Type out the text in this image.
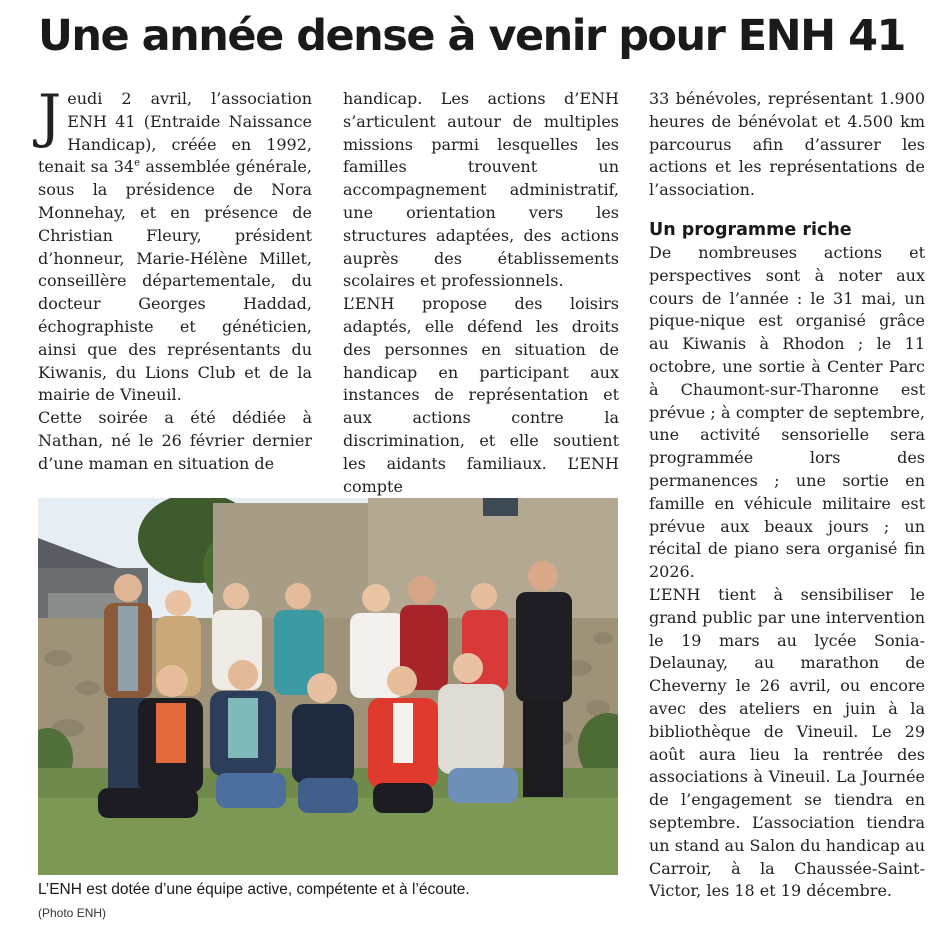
Une année dense à venir pour ENH 41

Jeudi 2 avril, l’association ENH 41 (Entraide Naissance Handicap), créée en 1992, tenait sa 34e assemblée générale, sous la présidence de Nora Monnehay, et en présence de Christian Fleury, président d’honneur, Marie-Hélène Millet, conseillère départementale, du docteur Georges Haddad, échographiste et généticien, ainsi que des représentants du Kiwanis, du Lions Club et de la mairie de Vineuil.

Cette soirée a été dédiée à Nathan, né le 26 février dernier d’une maman en situation de

handicap. Les actions d’ENH s’articulent autour de multiples missions parmi lesquelles les familles trouvent un accompagnement administratif, une orientation vers les structures adaptées, des actions auprès des établissements scolaires et professionnels.

L’ENH propose des loisirs adaptés, elle défend les droits des personnes en situation de handicap en participant aux instances de représentation et aux actions contre la discrimination, et elle soutient les aidants familiaux. L’ENH compte

33 bénévoles, représentant 1.900 heures de bénévolat et 4.500 km parcourus afin d’assurer les actions et les représentations de l’association.

Un programme riche

De nombreuses actions et perspectives sont à noter aux cours de l’année : le 31 mai, un pique-nique est organisé grâce au Kiwanis à Rhodon ; le 11 octobre, une sortie à Center Parc à Chaumont-sur-Tharonne est prévue ; à compter de septembre, une activité sensorielle sera programmée lors des permanences ; une sortie en famille en véhicule militaire est prévue aux beaux jours ; un récital de piano sera organisé fin 2026.

L’ENH tient à sensibiliser le grand public par une intervention le 19 mars au lycée Sonia-Delaunay, au marathon de Cheverny le 26 avril, ou encore avec des ateliers en juin à la bibliothèque de Vineuil. Le 29 août aura lieu la rentrée des associations à Vineuil. La Journée de l’engagement se tiendra en septembre. L’association tiendra un stand au Salon du handicap au Carroir, à la Chaussée-Saint-Victor, les 18 et 19 décembre.

L’ENH est dotée d’une équipe active, compétente et à l’écoute.
(Photo ENH)
